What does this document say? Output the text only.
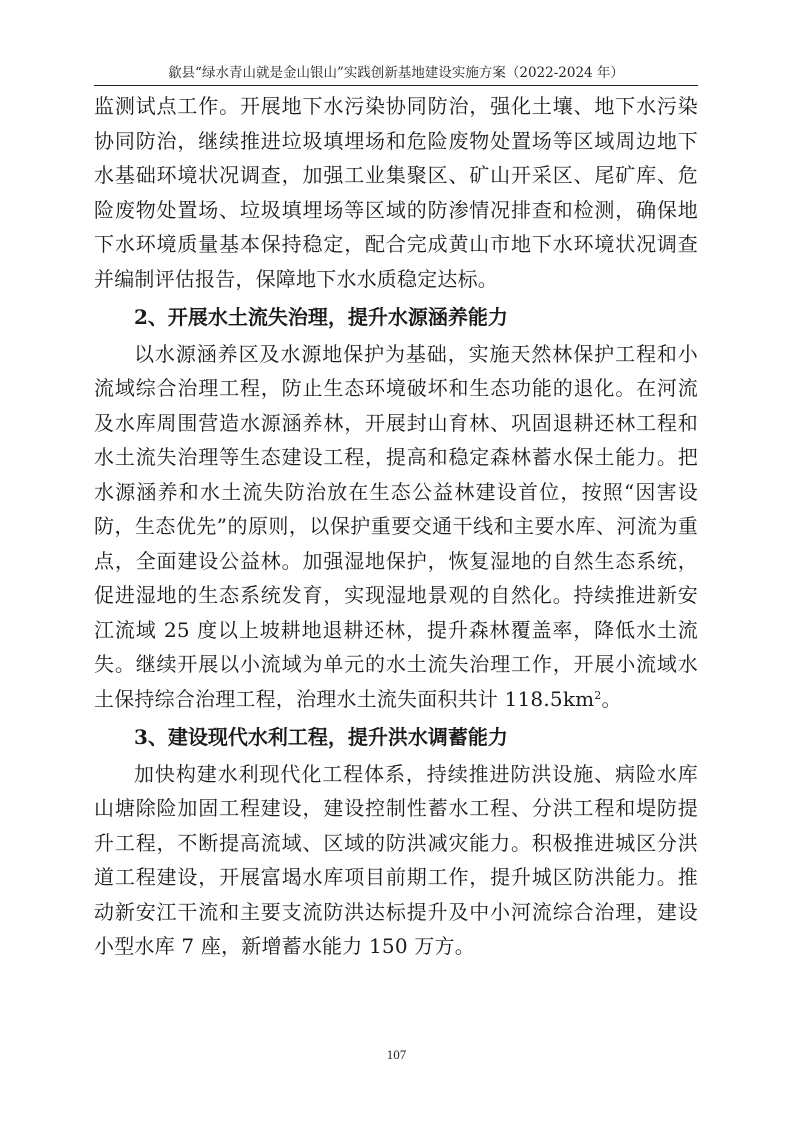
歙县“绿水青山就是金山银山”实践创新基地建设实施方案（2022-2024 年）

监测试点工作。开展地下水污染协同防治，强化土壤、地下水污染协同防治，继续推进垃圾填埋场和危险废物处置场等区域周边地下水基础环境状况调查，加强工业集聚区、矿山开采区、尾矿库、危险废物处置场、垃圾填埋场等区域的防渗情况排查和检测，确保地下水环境质量基本保持稳定，配合完成黄山市地下水环境状况调查并编制评估报告，保障地下水水质稳定达标。

2、开展水土流失治理，提升水源涵养能力

以水源涵养区及水源地保护为基础，实施天然林保护工程和小流域综合治理工程，防止生态环境破坏和生态功能的退化。在河流及水库周围营造水源涵养林，开展封山育林、巩固退耕还林工程和水土流失治理等生态建设工程，提高和稳定森林蓄水保土能力。把水源涵养和水土流失防治放在生态公益林建设首位，按照“因害设防，生态优先”的原则，以保护重要交通干线和主要水库、河流为重点，全面建设公益林。加强湿地保护，恢复湿地的自然生态系统，促进湿地的生态系统发育，实现湿地景观的自然化。持续推进新安江流域 25 度以上坡耕地退耕还林，提升森林覆盖率，降低水土流失。继续开展以小流域为单元的水土流失治理工作，开展小流域水土保持综合治理工程，治理水土流失面积共计 $118.5km^2$。

3、建设现代水利工程，提升洪水调蓄能力

加快构建水利现代化工程体系，持续推进防洪设施、病险水库山塘除险加固工程建设，建设控制性蓄水工程、分洪工程和堤防提升工程，不断提高流域、区域的防洪减灾能力。积极推进城区分洪道工程建设，开展富堨水库项目前期工作，提升城区防洪能力。推动新安江干流和主要支流防洪达标提升及中小河流综合治理，建设小型水库 7 座，新增蓄水能力 150 万方。

107
